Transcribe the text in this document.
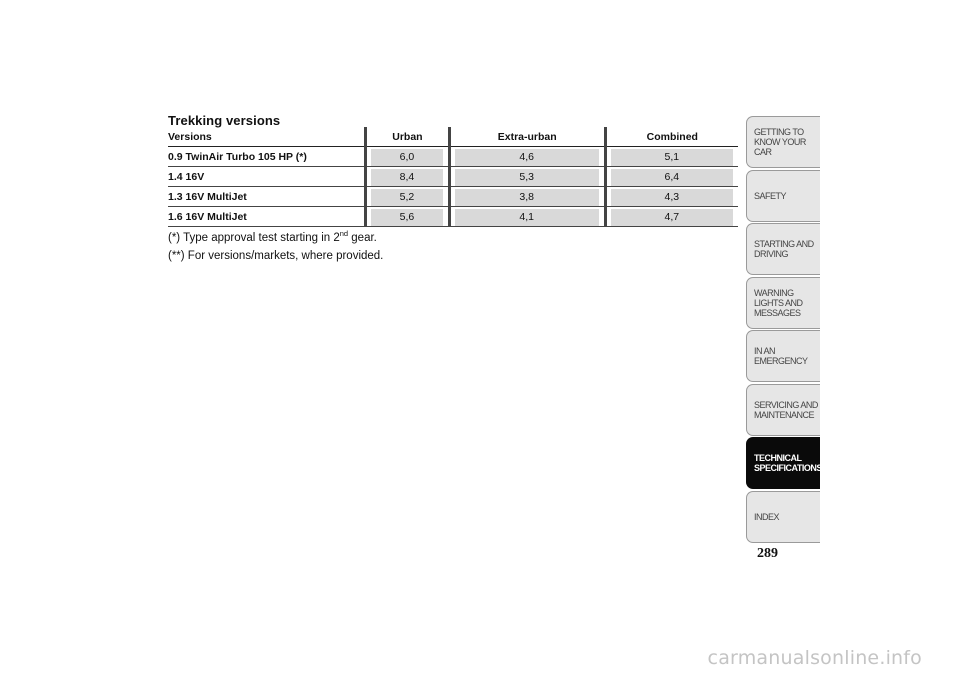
Trekking versions
Versions	Urban	Extra-urban	Combined
0.9 TwinAir Turbo 105 HP (*)	6,0	4,6	5,1

1.4 16V	8,4	5,3	6,4

1.3 16V MultiJet	5,2	3,8	4,3

1.6 16V MultiJet	5,6	4,1	4,7
(*) Type approval test starting in 2nd gear.
(**) For versions/markets, where provided.
GETTING TO KNOW YOUR CAR
SAFETY
STARTING AND DRIVING
WARNING LIGHTS AND MESSAGES
IN AN EMERGENCY
SERVICING AND MAINTENANCE
TECHNICAL SPECIFICATIONS
INDEX
289
carmanualsonline.info
